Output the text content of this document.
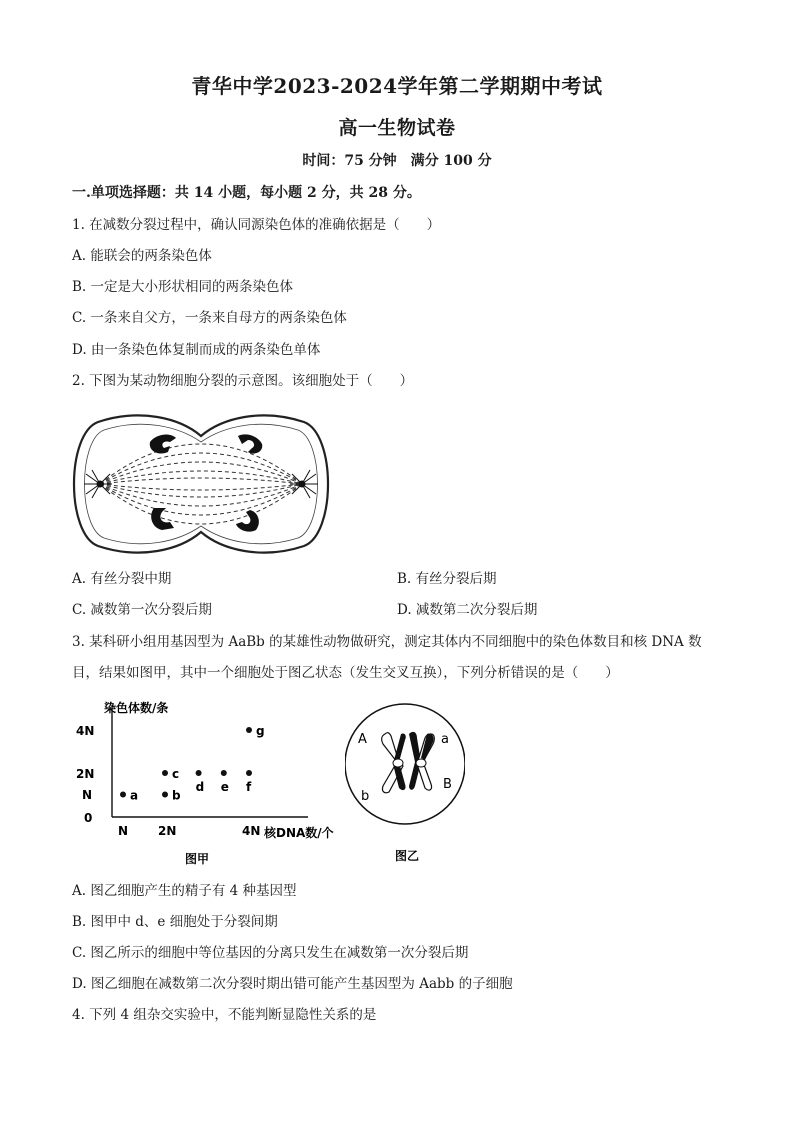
青华中学2023-2024学年第二学期期中考试
高一生物试卷
时间：75 分钟　满分 100 分
一.单项选择题：共 14 小题，每小题 2 分，共 28 分。
1. 在减数分裂过程中，确认同源染色体的准确依据是（　　）
A. 能联会的两条染色体
B. 一定是大小形状相同的两条染色体
C. 一条来自父方，一条来自母方的两条染色体
D. 由一条染色体复制而成的两条染色单体
2. 下图为某动物细胞分裂的示意图。该细胞处于（　　）
A. 有丝分裂中期	B. 有丝分裂后期
C. 减数第一次分裂后期	D. 减数第二次分裂后期
3. 某科研小组用基因型为 AaBb 的某雄性动物做研究，测定其体内不同细胞中的染色体数目和核 DNA 数
目，结果如图甲，其中一个细胞处于图乙状态（发生交叉互换），下列分析错误的是（　　）
染色体数/条
核DNA数/个
0
N
2N
4N
N 2N	4N
a	b
c
d e f
g
图甲
A	a
B
b
图乙
A. 图乙细胞产生的精子有 4 种基因型
B. 图甲中 d、e 细胞处于分裂间期
C. 图乙所示的细胞中等位基因的分离只发生在减数第一次分裂后期
D. 图乙细胞在减数第二次分裂时期出错可能产生基因型为 Aabb 的子细胞
4. 下列 4 组杂交实验中，不能判断显隐性关系的是
